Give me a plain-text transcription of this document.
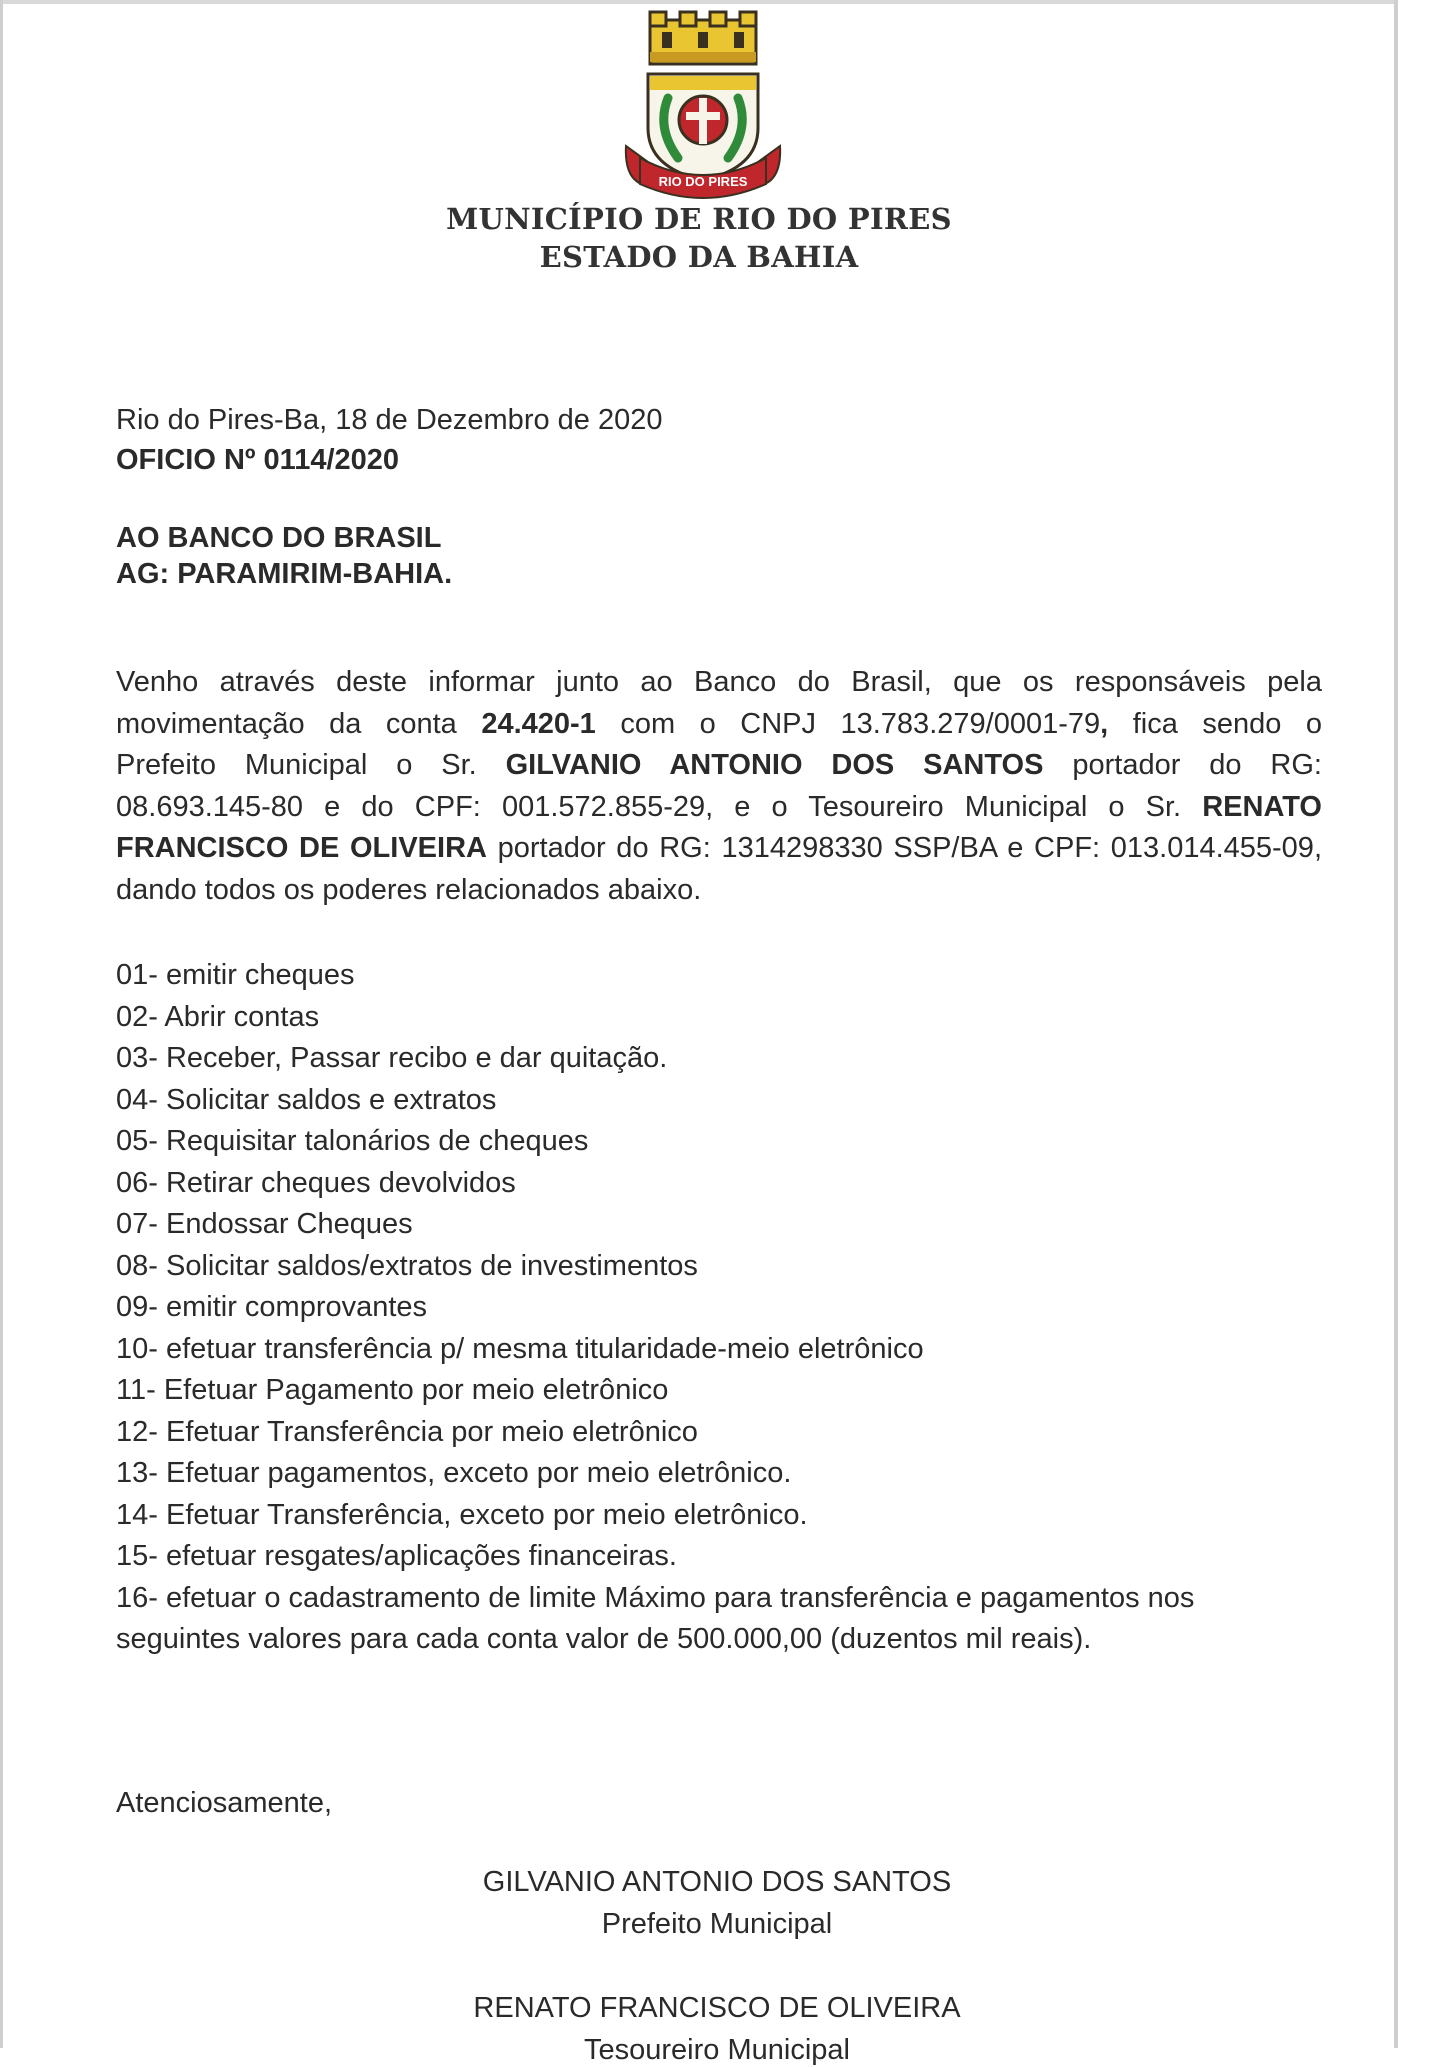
RIO DO PIRES
MUNICÍPIO DE RIO DO PIRES
ESTADO DA BAHIA
Rio do Pires-Ba, 18 de Dezembro de 2020
OFICIO Nº 0114/2020
AO BANCO DO BRASIL
AG: PARAMIRIM-BAHIA.
Venho através deste informar junto ao Banco do Brasil, que os responsáveis pela
movimentação da conta 24.420-1 com o CNPJ 13.783.279/0001-79, fica sendo o
Prefeito Municipal o Sr. GILVANIO ANTONIO DOS SANTOS portador do RG:
08.693.145-80 e do CPF: 001.572.855-29, e o Tesoureiro Municipal o Sr. RENATO
FRANCISCO DE OLIVEIRA portador do RG: 1314298330 SSP/BA e CPF: 013.014.455-09,
dando todos os poderes relacionados abaixo.
01- emitir cheques
02- Abrir contas
03- Receber, Passar recibo e dar quitação.
04- Solicitar saldos e extratos
05- Requisitar talonários de cheques
06- Retirar cheques devolvidos
07- Endossar Cheques
08- Solicitar saldos/extratos de investimentos
09- emitir comprovantes
10- efetuar transferência p/ mesma titularidade-meio eletrônico
11- Efetuar Pagamento por meio eletrônico
12- Efetuar Transferência por meio eletrônico
13- Efetuar pagamentos, exceto por meio eletrônico.
14- Efetuar Transferência, exceto por meio eletrônico.
15- efetuar resgates/aplicações financeiras.
16- efetuar o cadastramento de limite Máximo para transferência e pagamentos nos
seguintes valores para cada conta valor de 500.000,00 (duzentos mil reais).
Atenciosamente,
GILVANIO ANTONIO DOS SANTOS
Prefeito Municipal
RENATO FRANCISCO DE OLIVEIRA
Tesoureiro Municipal
